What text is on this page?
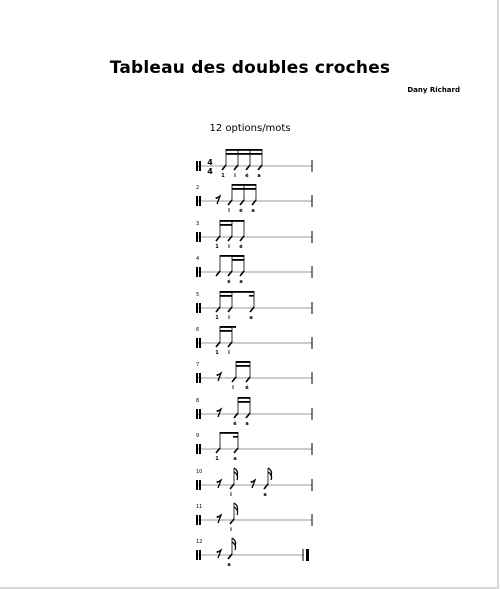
Tableau des doubles croches
Dany Richard
12 options/mots
4
4 1 i é a
2
i é a
3
1 i é
4
é a
5
1 i	a
6
1 i
7
i é
8
é a
9
1	a
10
i	a
11
i
12
a
